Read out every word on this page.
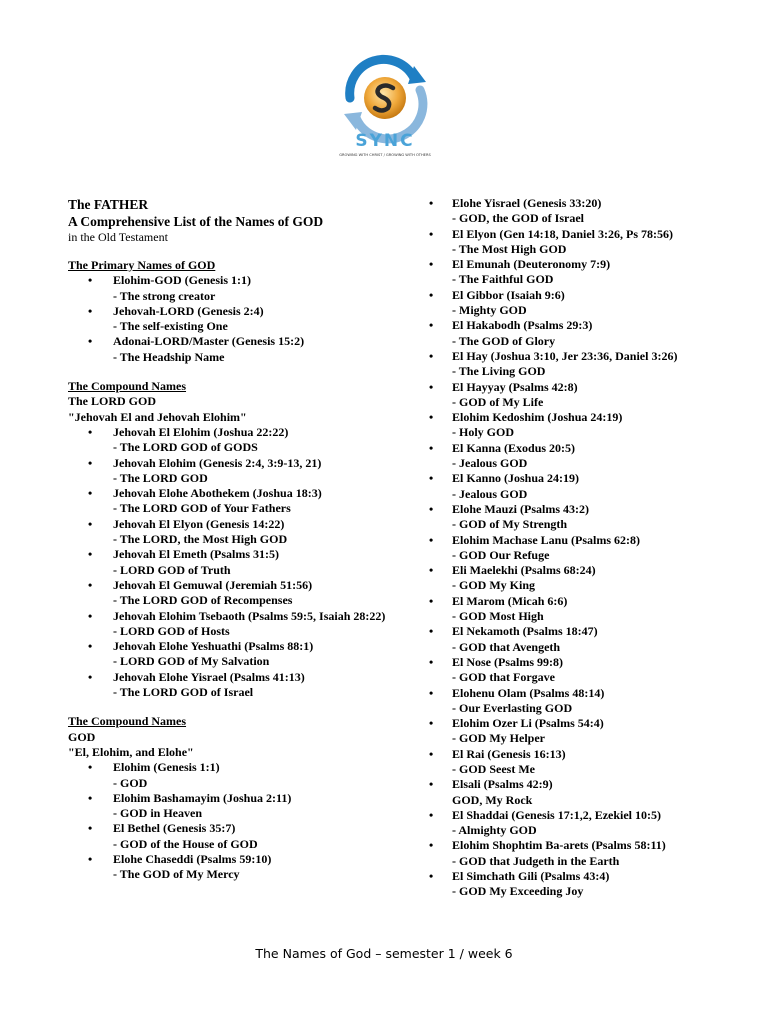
SYNC
GROWING WITH CHRIST / GROWING WITH OTHERS
The FATHER
A Comprehensive List of the Names of GOD
in the Old Testament
The Primary Names of GOD
• Elohim-GOD (Genesis 1:1)
- The strong creator
• Jehovah-LORD (Genesis 2:4)
- The self-existing One
• Adonai-LORD/Master (Genesis 15:2)
- The Headship Name
The Compound Names
The LORD GOD
"Jehovah El and Jehovah Elohim"
• Jehovah El Elohim (Joshua 22:22)
- The LORD GOD of GODS
• Jehovah Elohim (Genesis 2:4, 3:9-13, 21)
- The LORD GOD
• Jehovah Elohe Abothekem (Joshua 18:3)
- The LORD GOD of Your Fathers
• Jehovah El Elyon (Genesis 14:22)
- The LORD, the Most High GOD
• Jehovah El Emeth (Psalms 31:5)
- LORD GOD of Truth
• Jehovah El Gemuwal (Jeremiah 51:56)
- The LORD GOD of Recompenses
• Jehovah Elohim Tsebaoth (Psalms 59:5, Isaiah 28:22)
- LORD GOD of Hosts
• Jehovah Elohe Yeshuathi (Psalms 88:1)
- LORD GOD of My Salvation
• Jehovah Elohe Yisrael (Psalms 41:13)
- The LORD GOD of Israel
The Compound Names
GOD
"El, Elohim, and Elohe"
• Elohim (Genesis 1:1)
- GOD
• Elohim Bashamayim (Joshua 2:11)
- GOD in Heaven
• El Bethel (Genesis 35:7)
- GOD of the House of GOD
• Elohe Chaseddi (Psalms 59:10)
- The GOD of My Mercy
• Elohe Yisrael (Genesis 33:20)
- GOD, the GOD of Israel
• El Elyon (Gen 14:18, Daniel 3:26, Ps 78:56)
- The Most High GOD
• El Emunah (Deuteronomy 7:9)
- The Faithful GOD
• El Gibbor (Isaiah 9:6)
- Mighty GOD
• El Hakabodh (Psalms 29:3)
- The GOD of Glory
• El Hay (Joshua 3:10, Jer 23:36, Daniel 3:26)
- The Living GOD
• El Hayyay (Psalms 42:8)
- GOD of My Life
• Elohim Kedoshim (Joshua 24:19)
- Holy GOD
• El Kanna (Exodus 20:5)
- Jealous GOD
• El Kanno (Joshua 24:19)
- Jealous GOD
• Elohe Mauzi (Psalms 43:2)
- GOD of My Strength
• Elohim Machase Lanu (Psalms 62:8)
- GOD Our Refuge
• Eli Maelekhi (Psalms 68:24)
- GOD My King
• El Marom (Micah 6:6)
- GOD Most High
• El Nekamoth (Psalms 18:47)
- GOD that Avengeth
• El Nose (Psalms 99:8)
- GOD that Forgave
• Elohenu Olam (Psalms 48:14)
- Our Everlasting GOD
• Elohim Ozer Li (Psalms 54:4)
- GOD My Helper
• El Rai (Genesis 16:13)
- GOD Seest Me
• Elsali (Psalms 42:9)
GOD, My Rock
• El Shaddai (Genesis 17:1,2, Ezekiel 10:5)
- Almighty GOD
• Elohim Shophtim Ba-arets (Psalms 58:11)
- GOD that Judgeth in the Earth
• El Simchath Gili (Psalms 43:4)
- GOD My Exceeding Joy
The Names of God – semester 1 / week 6
